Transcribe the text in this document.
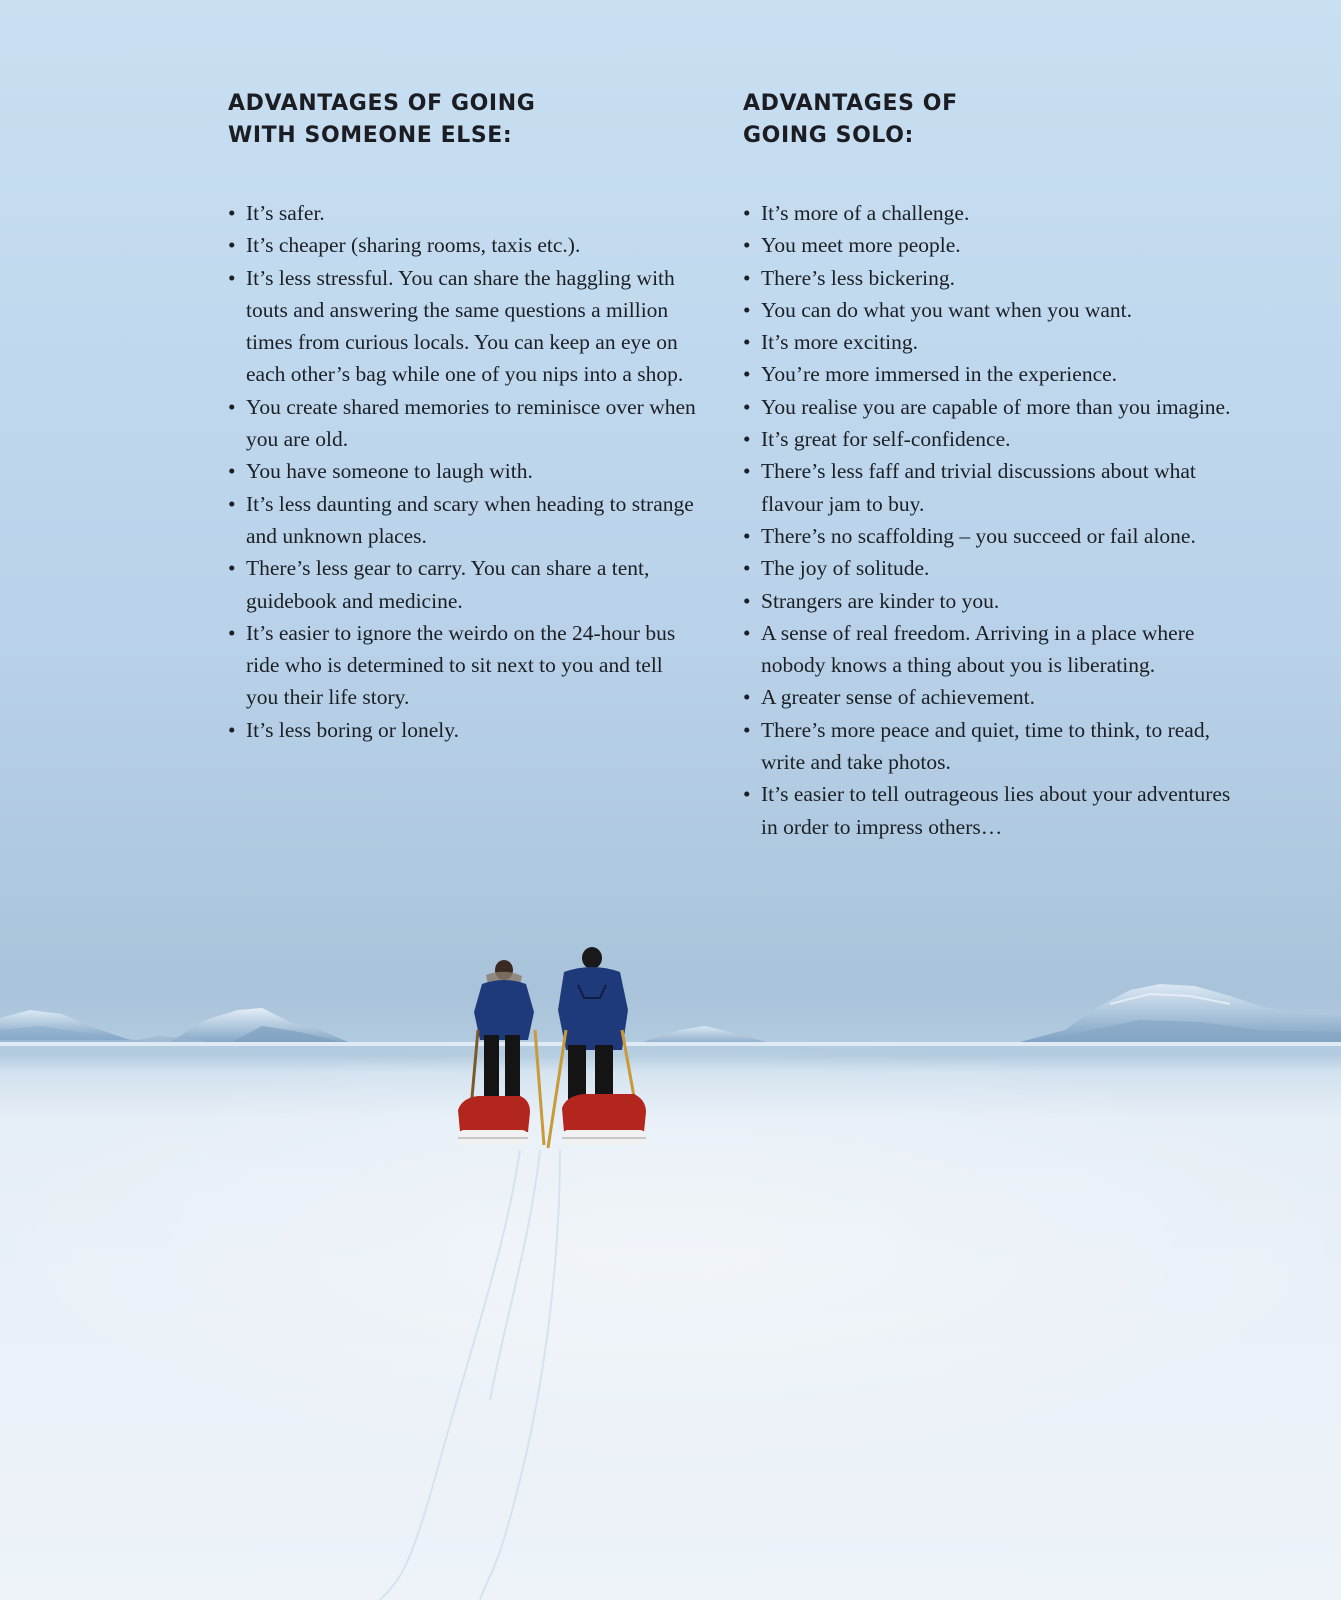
ADVANTAGES OF GOING WITH SOMEONE ELSE:
ADVANTAGES OF GOING SOLO:
• It’s safer.
• It’s cheaper (sharing rooms, taxis etc.).
• It’s less stressful. You can share the haggling with touts and answering the same questions a million times from curious locals. You can keep an eye on each other’s bag while one of you nips into a shop.
• You create shared memories to reminisce over when you are old.
• You have someone to laugh with.
• It’s less daunting and scary when heading to strange and unknown places.
• There’s less gear to carry. You can share a tent, guidebook and medicine.
• It’s easier to ignore the weirdo on the 24-hour bus ride who is determined to sit next to you and tell you their life story.
• It’s less boring or lonely.
• It’s more of a challenge.
• You meet more people.
• There’s less bickering.
• You can do what you want when you want.
• It’s more exciting.
• You’re more immersed in the experience.
• You realise you are capable of more than you imagine.
• It’s great for self-confidence.
• There’s less faff and trivial discussions about what flavour jam to buy.
• There’s no scaffolding – you succeed or fail alone.
• The joy of solitude.
• Strangers are kinder to you.
• A sense of real freedom. Arriving in a place where nobody knows a thing about you is liberating.
• A greater sense of achievement.
• There’s more peace and quiet, time to think, to read, write and take photos.
• It’s easier to tell outrageous lies about your adventures in order to impress others…
